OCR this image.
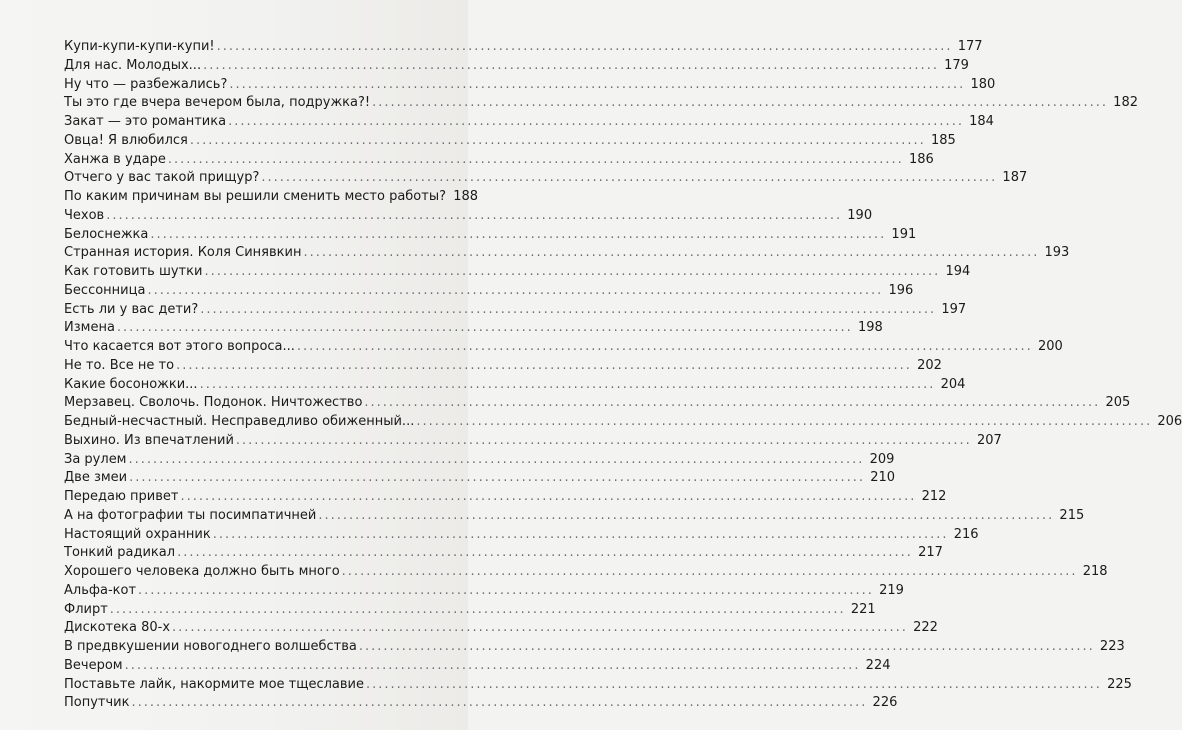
Купи-купи-купи-купи! .....	177
Для нас. Молодых... .....	179
Ну что — разбежались? .....	180
Ты это где вчера вечером была, подружка?! .....	182
Закат — это романтика .....	184
Овца! Я влюбился .....	185
Ханжа в ударе .....	186
Отчего у вас такой прищур? .....	187
По каким причинам вы решили сменить место работы? 188
Чехов .....	190
Белоснежка .....	191
Странная история. Коля Синявкин .....	193
Как готовить шутки .....	194
Бессонница .....	196
Есть ли у вас дети? .....	197
Измена .....	198
Что касается вот этого вопроса... .....	200
Не то. Все не то .....	202
Какие босоножки... .....	204
Мерзавец. Сволочь. Подонок. Ничтожество .....	205
Бедный-несчастный. Несправедливо обиженный... .....	206
Выхино. Из впечатлений .....	207
За рулем .....	209
Две змеи .....	210
Передаю привет .....	212
А на фотографии ты посимпатичней .....	215
Настоящий охранник .....	216
Тонкий радикал .....	217
Хорошего человека должно быть много .....	218
Альфа-кот .....	219
Флирт .....	221
Дискотека 80-х .....	222
В предвкушении новогоднего волшебства .....	223
Вечером .....	224
Поставьте лайк, накормите мое тщеславие .....	225
Попутчик .....	226
